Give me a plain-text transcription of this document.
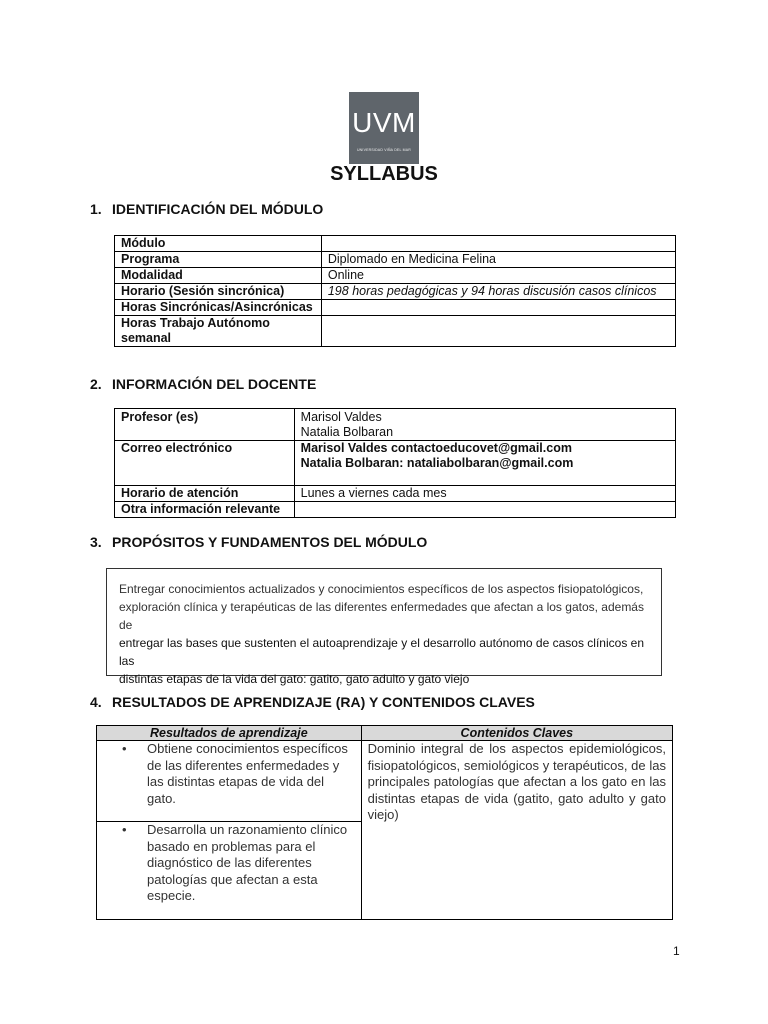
UVM
UNIVERSIDAD VIÑA DEL MAR
SYLLABUS
1. IDENTIFICACIÓN DEL MÓDULO
Módulo	
Programa	Diplomado en Medicina Felina
Modalidad	Online
Horario (Sesión sincrónica)	198 horas pedagógicas y 94 horas discusión casos clínicos
Horas Sincrónicas/Asincrónicas	

Horas Trabajo Autónomo
semanal	

2. INFORMACIÓN DEL DOCENTE
Profesor (es)	Marisol Valdes
Natalia Bolbaran

Correo electrónico	Marisol Valdes contactoeducovet@gmail.com
Natalia Bolbaran: nataliabolbaran@gmail.com

Horario de atención	Lunes a viernes cada mes
Otra información relevante	
3. PROPÓSITOS Y FUNDAMENTOS DEL MÓDULO

Entregar conocimientos actualizados y conocimientos específicos de los aspectos fisiopatológicos,

exploración clínica y terapéuticas de las diferentes enfermedades que afectan a los gatos, además de

entregar las bases que sustenten el autoaprendizaje y el desarrollo autónomo de casos clínicos en las

distintas etapas de la vida del gato: gatito, gato adulto y gato viejo

4. RESULTADOS DE APRENDIZAJE (RA) Y CONTENIDOS CLAVES
Resultados de aprendizaje	Contenidos Claves

• Obtiene conocimientos específicos de las diferentes enfermedades y las distintas etapas de vida del gato.	Dominio integral de los aspectos epidemiológicos, fisiopatológicos, semiológicos y terapéuticos, de las principales patologías que afectan a los gato en las distintas etapas de vida (gatito, gato adulto y gato viejo)

• Desarrolla un razonamiento clínico basado en problemas para el diagnóstico de las diferentes patologías que afectan a esta especie.	
1
